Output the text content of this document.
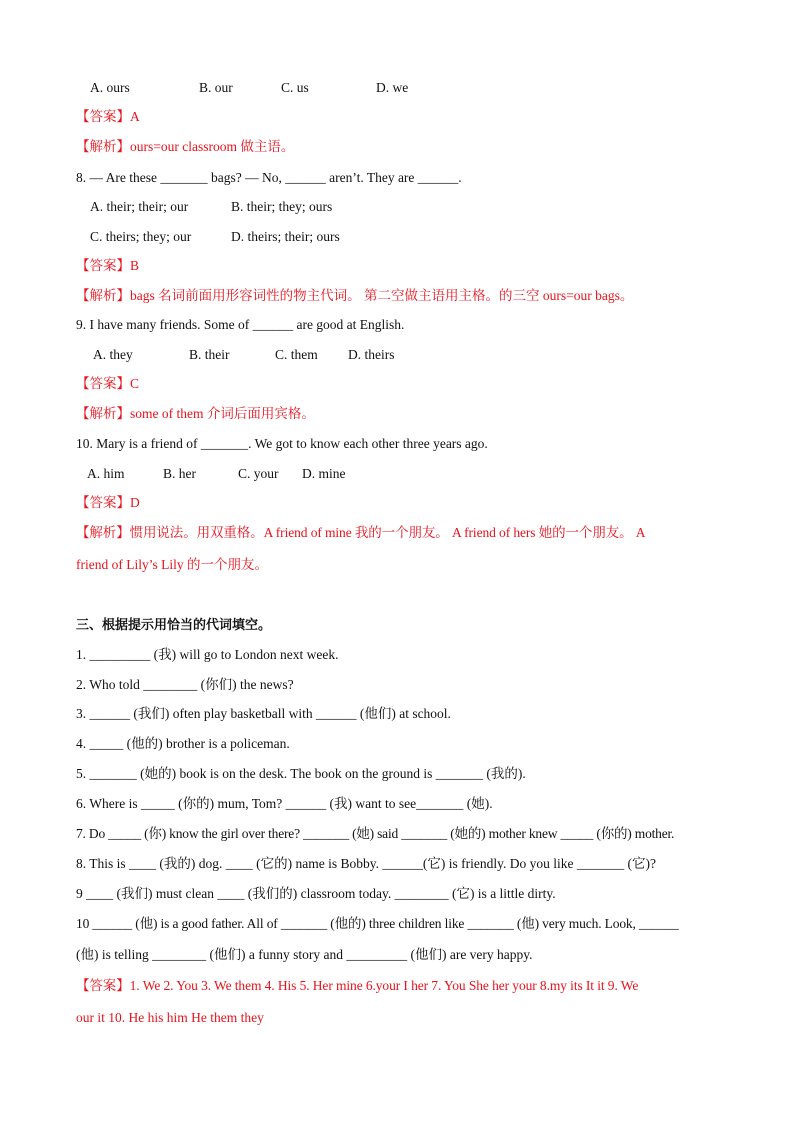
A. ours	B. our	C. us	D. we
【答案】A
【解析】ours=our classroom 做主语。
8. — Are these _______ bags? — No, ______ aren’t. They are ______.
A. their; their; our	B. their; they; ours
C. theirs; they; our	D. theirs; their; ours
【答案】B
【解析】bags 名词前面用形容词性的物主代词。 第二空做主语用主格。的三空 ours=our bags。
9. I have many friends. Some of ______ are good at English.
A. they	B. their	C. them D. theirs
【答案】C
【解析】some of them 介词后面用宾格。
10. Mary is a friend of _______. We got to know each other three years ago.
A. him	B. her	C. your D. mine
【答案】D
【解析】惯用说法。用双重格。A friend of mine 我的一个朋友。 A friend of hers 她的一个朋友。 A
friend of Lily’s Lily 的一个朋友。
三、根据提示用恰当的代词填空。
1. _________ (我) will go to London next week.
2. Who told ________ (你们) the news?
3. ______ (我们) often play basketball with ______ (他们) at school.
4. _____ (他的) brother is a policeman.
5. _______ (她的) book is on the desk. The book on the ground is _______ (我的).
6. Where is _____ (你的) mum, Tom? ______ (我) want to see_______ (她).
7. Do _____ (你) know the girl over there? _______ (她) said _______ (她的) mother knew _____ (你的) mother.
8. This is ____ (我的) dog. ____ (它的) name is Bobby. ______(它) is friendly. Do you like _______ (它)?
9 ____ (我们) must clean ____ (我们的) classroom today. ________ (它) is a little dirty.
10 ______ (他) is a good father. All of _______ (他的) three children like _______ (他) very much. Look, ______
(他) is telling ________ (他们) a funny story and _________ (他们) are very happy.
【答案】1. We 2. You 3. We them 4. His 5. Her mine 6.your I her 7. You She her your 8.my its It it 9. We
our it 10. He his him He them they
